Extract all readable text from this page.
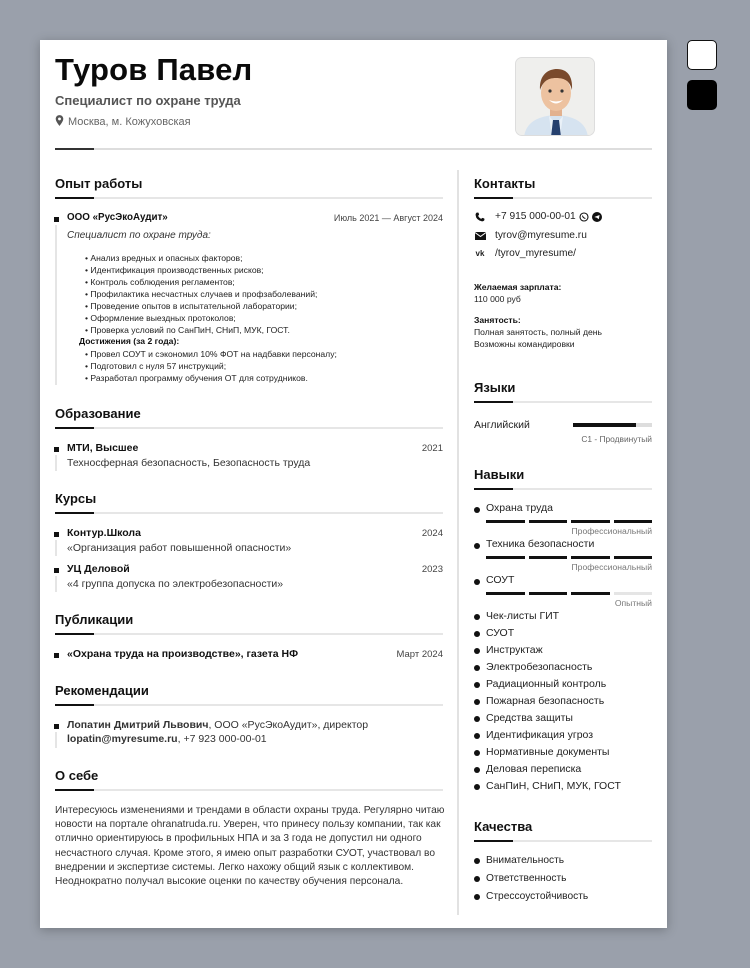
Туров Павел
Специалист по охране труда
Москва, м. Кожуховская
Опыт работы
ООО «РусЭкоАудит»	Июль 2021 — Август 2024
Специалист по охране труда:
• Анализ вредных и опасных факторов;
• Идентификация производственных рисков;
• Контроль соблюдения регламентов;
• Профилактика несчастных случаев и профзаболеваний;
• Проведение опытов в испытательной лаборатории;
• Оформление выездных протоколов;
• Проверка условий по СанПиН, СНиП, МУК, ГОСТ.
Достижения (за 2 года):
• Провел СОУТ и сэкономил 10% ФОТ на надбавки персоналу;
• Подготовил с нуля 57 инструкций;
• Разработал программу обучения ОТ для сотрудников.
Образование
МТИ, Высшее	2021
Техносферная безопасность, Безопасность труда
Курсы
Контур.Школа	2024
«Организация работ повышенной опасности»
УЦ Деловой	2023
«4 группа допуска по электробезопасности»
Публикации
«Охрана труда на производстве», газета НФ	Март 2024
Рекомендации
Лопатин Дмитрий Львович, ООО «РусЭкоАудит», директор
lopatin@myresume.ru, +7 923 000-00-01
О себе
Интересуюсь изменениями и трендами в области охраны труда. Регулярно читаю новости на портале ohranatruda.ru. Уверен, что принесу пользу компании, так как отлично ориентируюсь в профильных НПА и за 3 года не допустил ни одного несчастного случая. Кроме этого, я имею опыт разработки СУОТ, участвовал во внедрении и экспертизе системы. Легко нахожу общий язык с коллективом. Неоднократно получал высокие оценки по качеству обучения персонала.
Контакты
+7 915 000-00-01
tyrov@myresume.ru
vk /tyrov_myresume/
Желаемая зарплата:
110 000 руб
Занятость:
Полная занятость, полный день
Возможны командировки
Языки
Английский
C1 - Продвинутый
Навыки
Охрана труда
Профессиональный
Техника безопасности
Профессиональный
СОУТ
Опытный
Чек-листы ГИТ
СУОТ
Инструктаж
Электробезопасность
Радиационный контроль
Пожарная безопасность
Средства защиты
Идентификация угроз
Нормативные документы
Деловая переписка
СанПиН, СНиП, МУК, ГОСТ
Качества
Внимательность
Ответственность
Стрессоустойчивость
